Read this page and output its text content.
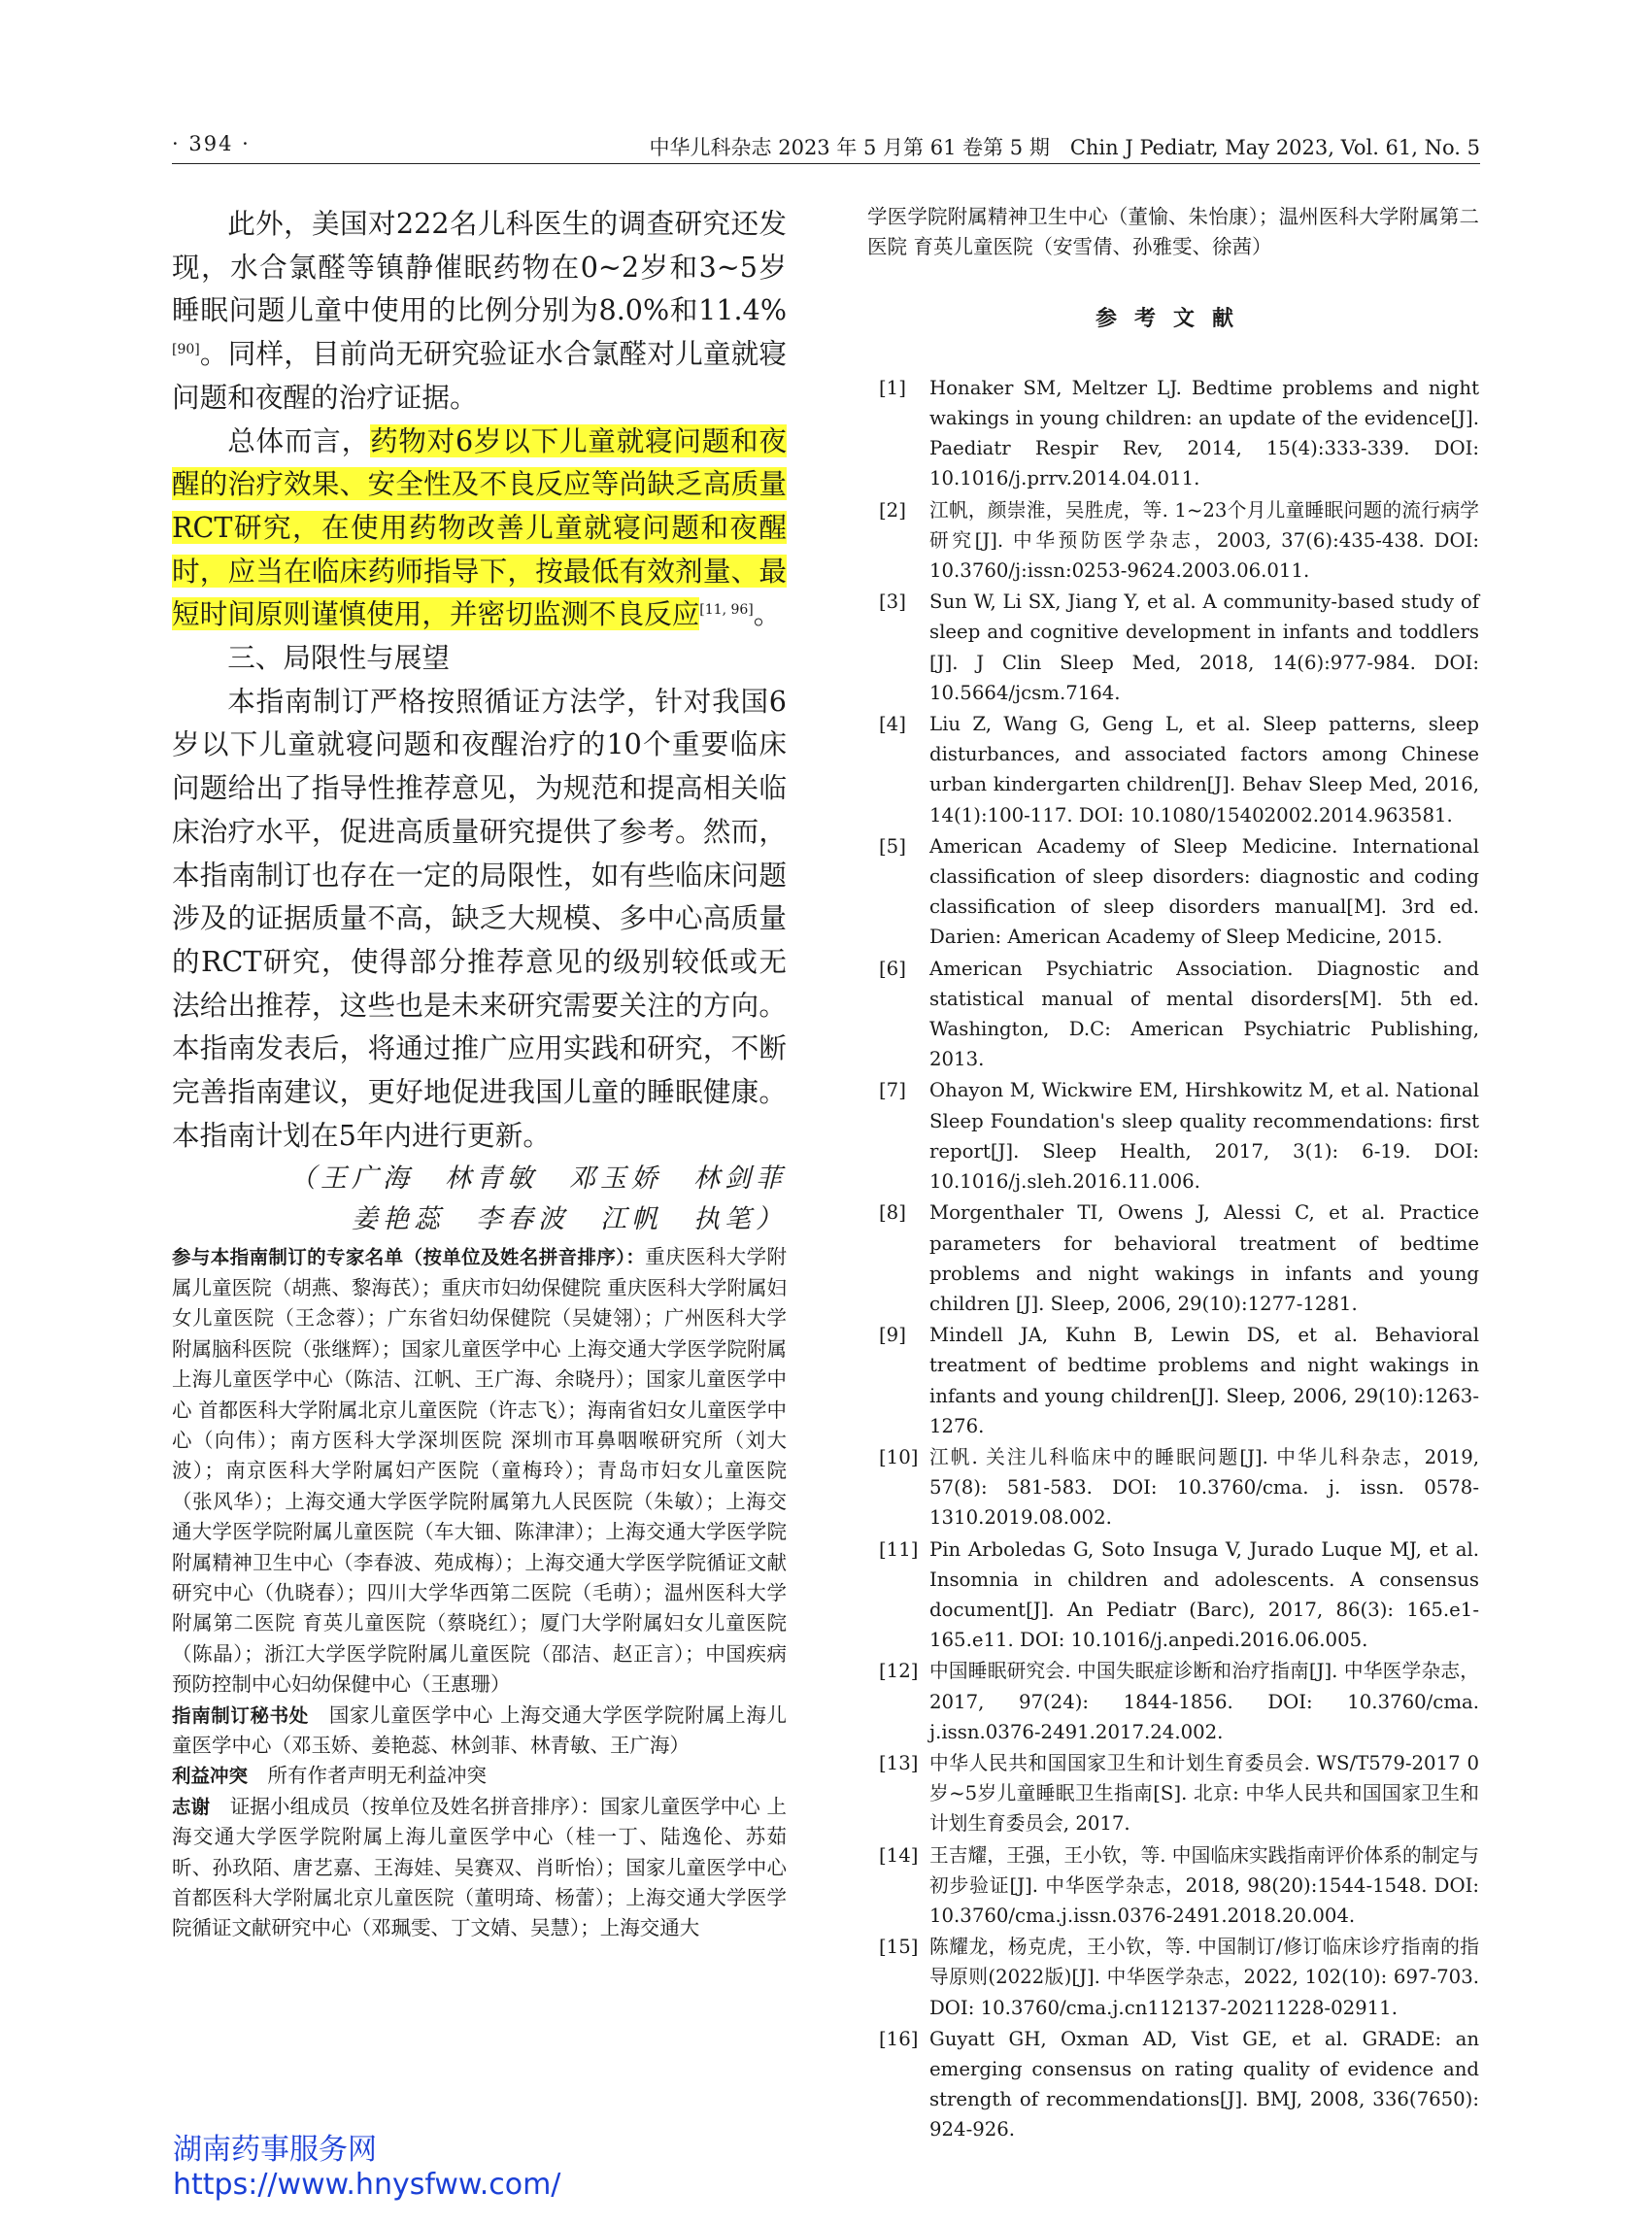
· 394 ·	中华儿科杂志 2023 年 5 月第 61 卷第 5 期　Chin J Pediatr, May 2023, Vol. 61, No. 5

此外，美国对222名儿科医生的调查研究还发现，水合氯醛等镇静催眠药物在0~2岁和3~5岁睡眠问题儿童中使用的比例分别为8.0%和11.4%[90]。同样，目前尚无研究验证水合氯醛对儿童就寝问题和夜醒的治疗证据。

总体而言，药物对6岁以下儿童就寝问题和夜醒的治疗效果、安全性及不良反应等尚缺乏高质量RCT研究，在使用药物改善儿童就寝问题和夜醒时，应当在临床药师指导下，按最低有效剂量、最短时间原则谨慎使用，并密切监测不良反应[11, 96]。

三、局限性与展望

本指南制订严格按照循证方法学，针对我国6岁以下儿童就寝问题和夜醒治疗的10个重要临床问题给出了指导性推荐意见，为规范和提高相关临床治疗水平，促进高质量研究提供了参考。然而，本指南制订也存在一定的局限性，如有些临床问题涉及的证据质量不高，缺乏大规模、多中心高质量的RCT研究，使得部分推荐意见的级别较低或无法给出推荐，这些也是未来研究需要关注的方向。本指南发表后，将通过推广应用实践和研究，不断完善指南建议，更好地促进我国儿童的睡眠健康。本指南计划在5年内进行更新。

（王广海　林青敏　邓玉娇　林剑菲

姜艳蕊　李春波　江帆　执笔）

参与本指南制订的专家名单（按单位及姓名拼音排序）：重庆医科大学附属儿童医院（胡燕、黎海芪）；重庆市妇幼保健院 重庆医科大学附属妇女儿童医院（王念蓉）；广东省妇幼保健院（吴婕翎）；广州医科大学附属脑科医院（张继辉）；国家儿童医学中心 上海交通大学医学院附属上海儿童医学中心（陈洁、江帆、王广海、余晓丹）；国家儿童医学中心 首都医科大学附属北京儿童医院（许志飞）；海南省妇女儿童医学中心（向伟）；南方医科大学深圳医院 深圳市耳鼻咽喉研究所（刘大波）；南京医科大学附属妇产医院（童梅玲）；青岛市妇女儿童医院（张风华）；上海交通大学医学院附属第九人民医院（朱敏）；上海交通大学医学院附属儿童医院（车大钿、陈津津）；上海交通大学医学院附属精神卫生中心（李春波、苑成梅）；上海交通大学医学院循证文献研究中心（仇晓春）；四川大学华西第二医院（毛萌）；温州医科大学附属第二医院 育英儿童医院（蔡晓红）；厦门大学附属妇女儿童医院（陈晶）；浙江大学医学院附属儿童医院（邵洁、赵正言）；中国疾病预防控制中心妇幼保健中心（王惠珊）

指南制订秘书处　国家儿童医学中心 上海交通大学医学院附属上海儿童医学中心（邓玉娇、姜艳蕊、林剑菲、林青敏、王广海）

利益冲突　所有作者声明无利益冲突

志谢　证据小组成员（按单位及姓名拼音排序）：国家儿童医学中心 上海交通大学医学院附属上海儿童医学中心（桂一丁、陆逸伦、苏茹昕、孙玖陌、唐艺嘉、王海娃、吴赛双、肖昕怡）；国家儿童医学中心 首都医科大学附属北京儿童医院（董明琦、杨蕾）；上海交通大学医学院循证文献研究中心（邓珮雯、丁文婧、吴慧）；上海交通大

学医学院附属精神卫生中心（董愉、朱怡康）；温州医科大学附属第二医院 育英儿童医院（安雪倩、孙雅雯、徐茜）

参考文献
[1]	Honaker SM, Meltzer LJ. Bedtime problems and night wakings in young children: an update of the evidence[J]. Paediatr Respir Rev, 2014, 15(4):333-339. DOI: 10.1016/j.prrv.2014.04.011.
[2]	江帆，颜崇淮，吴胜虎，等. 1~23个月儿童睡眠问题的流行病学研究[J]. 中华预防医学杂志，2003, 37(6):435-438. DOI: 10.3760/j:issn:0253-9624.2003.06.011.
[3]	Sun W, Li SX, Jiang Y, et al. A community-based study of sleep and cognitive development in infants and toddlers [J]. J Clin Sleep Med, 2018, 14(6):977-984. DOI: 10.5664/jcsm.7164.
[4]	Liu Z, Wang G, Geng L, et al. Sleep patterns, sleep disturbances, and associated factors among Chinese urban kindergarten children[J]. Behav Sleep Med, 2016, 14(1):100-117. DOI: 10.1080/15402002.2014.963581.
[5]	American Academy of Sleep Medicine. International classification of sleep disorders: diagnostic and coding classification of sleep disorders manual[M]. 3rd ed. Darien: American Academy of Sleep Medicine, 2015.
[6]	American Psychiatric Association. Diagnostic and statistical manual of mental disorders[M]. 5th ed. Washington, D.C: American Psychiatric Publishing, 2013.
[7]	Ohayon M, Wickwire EM, Hirshkowitz M, et al. National Sleep Foundation's sleep quality recommendations: first report[J]. Sleep Health, 2017, 3(1): 6-19. DOI: 10.1016/j.sleh.2016.11.006.
[8]	Morgenthaler TI, Owens J, Alessi C, et al. Practice parameters for behavioral treatment of bedtime problems and night wakings in infants and young children [J]. Sleep, 2006, 29(10):1277-1281.
[9]	Mindell JA, Kuhn B, Lewin DS, et al. Behavioral treatment of bedtime problems and night wakings in infants and young children[J]. Sleep, 2006, 29(10):1263-1276.
[10] 江帆. 关注儿科临床中的睡眠问题[J]. 中华儿科杂志，2019, 57(8): 581-583. DOI: 10.3760/cma. j. issn. 0578-1310.2019.08.002.
[11] Pin Arboledas G, Soto Insuga V, Jurado Luque MJ, et al. Insomnia in children and adolescents. A consensus document[J]. An Pediatr (Barc), 2017, 86(3): 165.e1-165.e11. DOI: 10.1016/j.anpedi.2016.06.005.
[12] 中国睡眠研究会. 中国失眠症诊断和治疗指南[J]. 中华医学杂志，2017, 97(24): 1844-1856. DOI: 10.3760/cma. j.issn.0376-2491.2017.24.002.
[13] 中华人民共和国国家卫生和计划生育委员会. WS/T579-2017 0岁~5岁儿童睡眠卫生指南[S]. 北京: 中华人民共和国国家卫生和计划生育委员会, 2017.
[14] 王吉耀，王强，王小钦，等. 中国临床实践指南评价体系的制定与初步验证[J]. 中华医学杂志，2018, 98(20):1544-1548. DOI: 10.3760/cma.j.issn.0376-2491.2018.20.004.
[15] 陈耀龙，杨克虎，王小钦，等. 中国制订/修订临床诊疗指南的指导原则(2022版)[J]. 中华医学杂志，2022, 102(10): 697-703. DOI: 10.3760/cma.j.cn112137-20211228-02911.
[16] Guyatt GH, Oxman AD, Vist GE, et al. GRADE: an emerging consensus on rating quality of evidence and strength of recommendations[J]. BMJ, 2008, 336(7650): 924-926.
湖南药事服务网
https://www.hnysfww.com/
